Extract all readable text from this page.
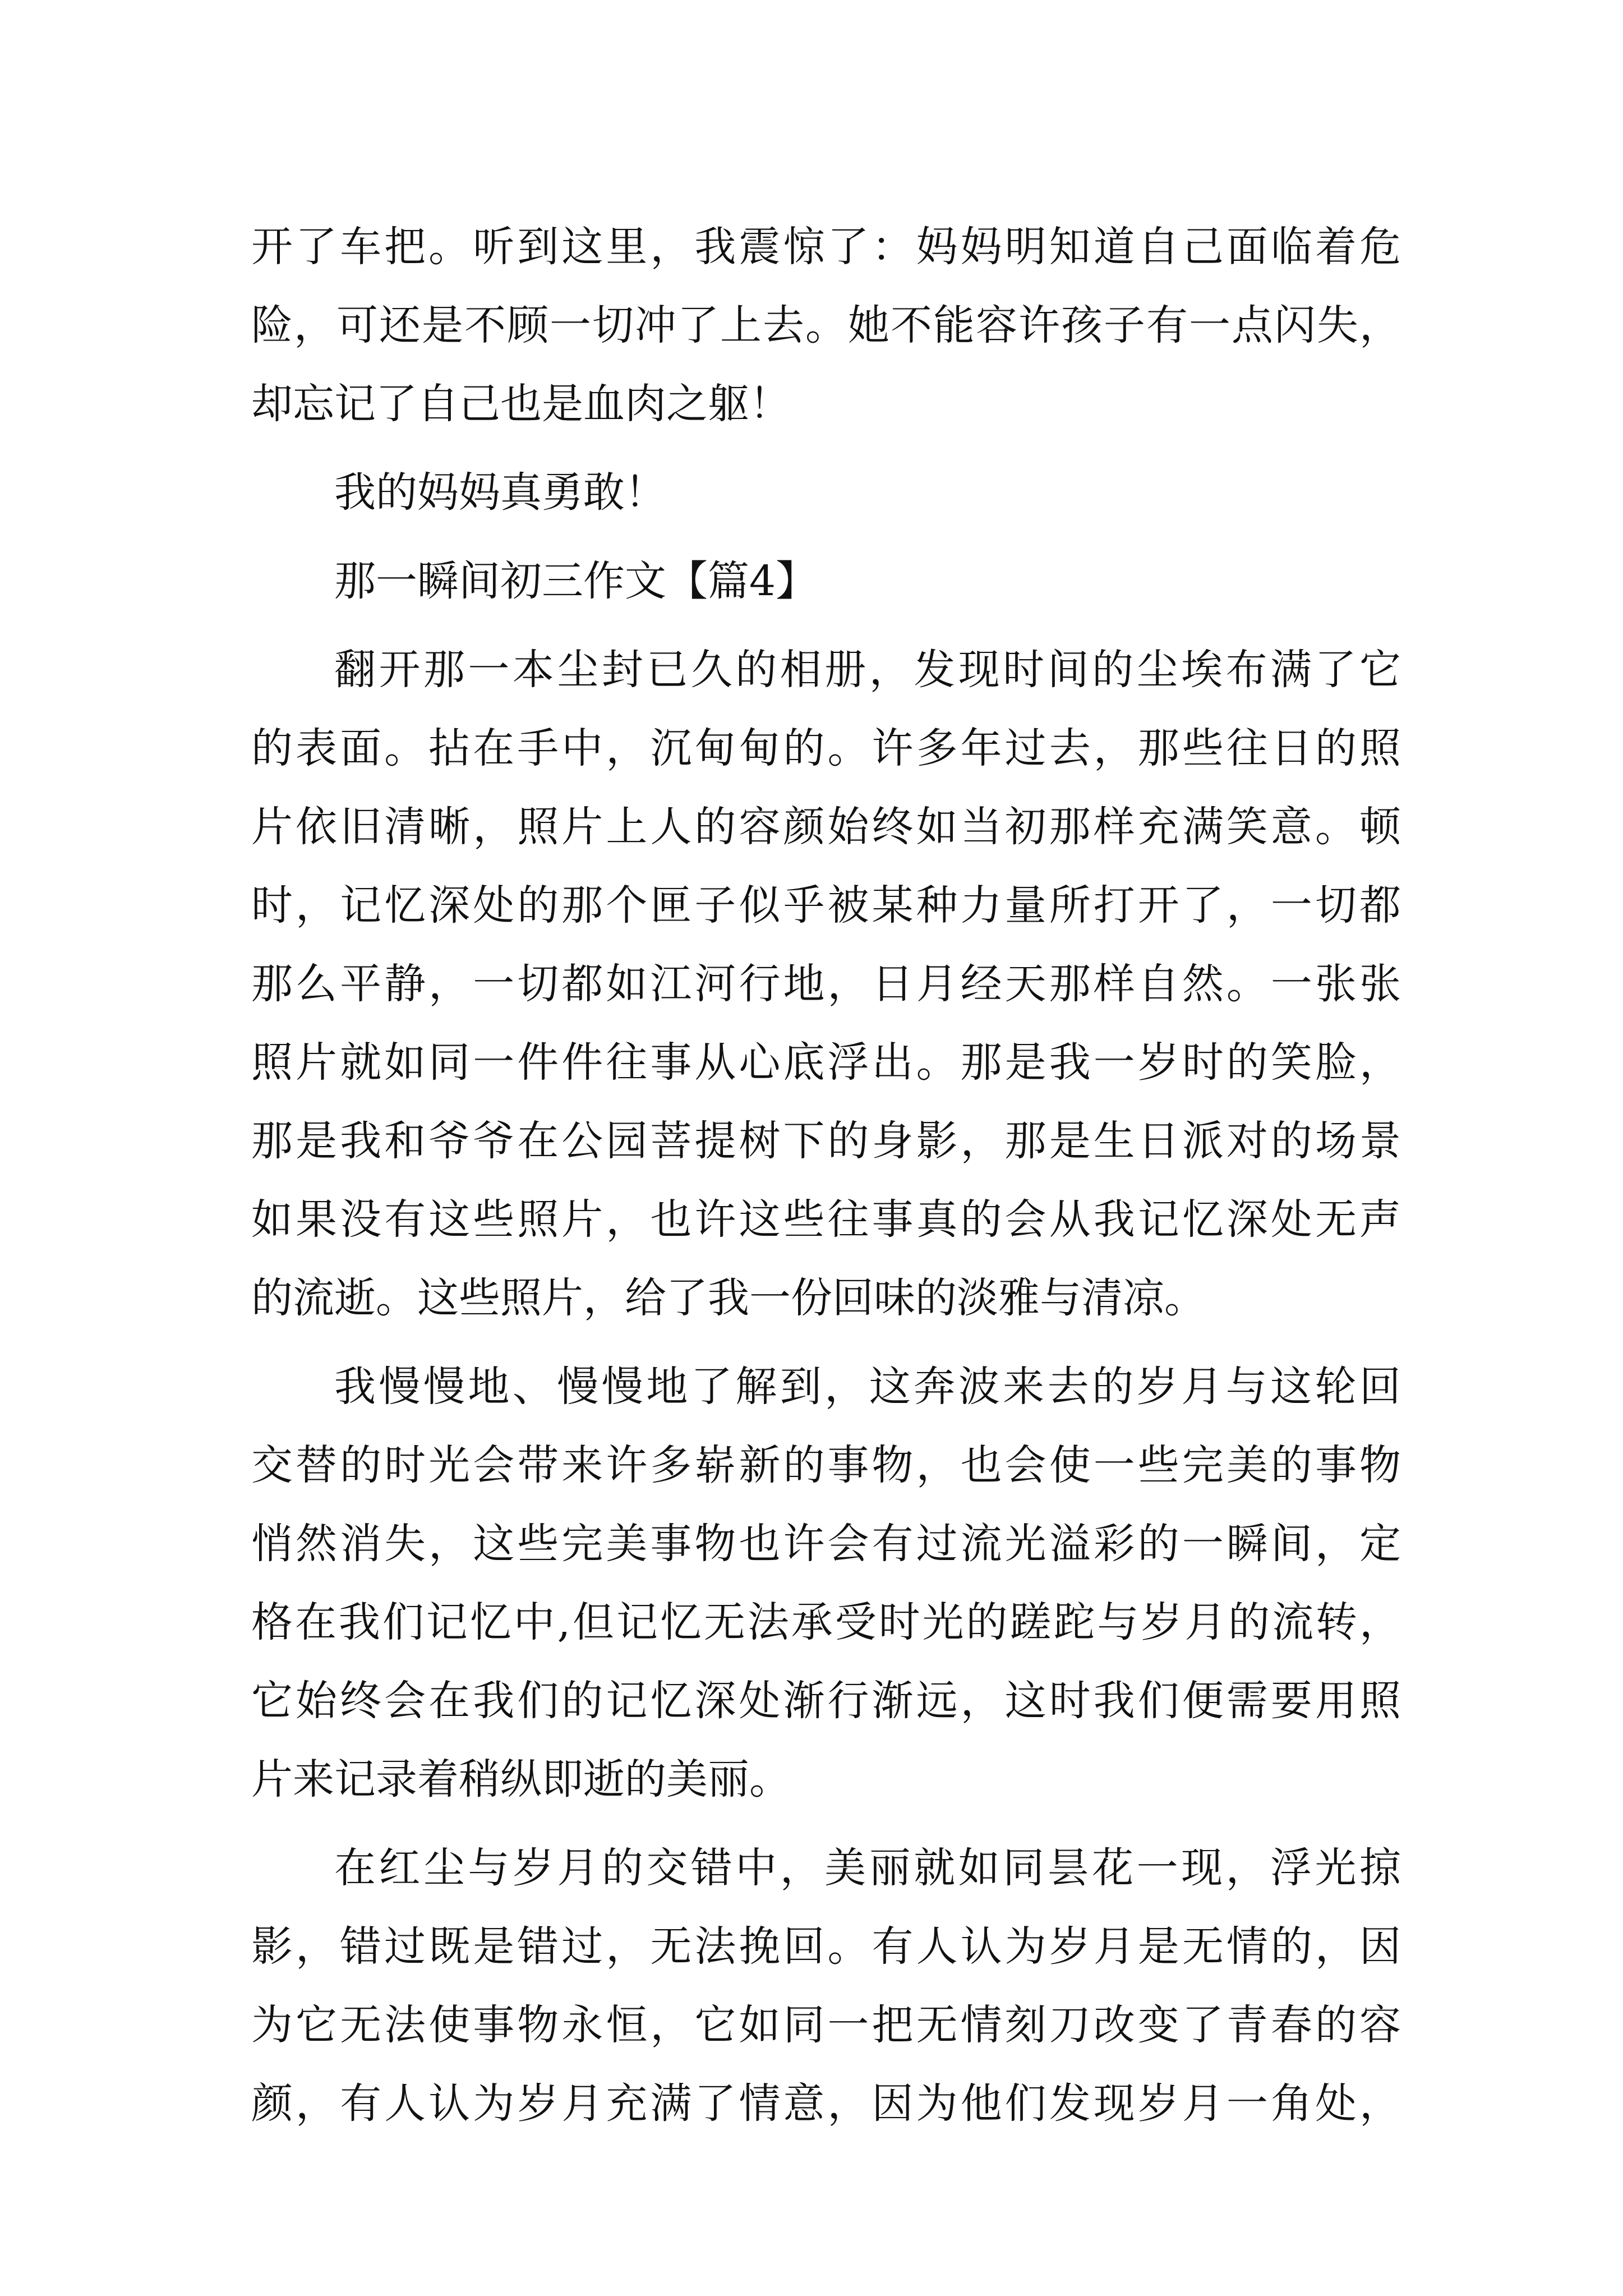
开了车把。听到这里，我震惊了：妈妈明知道自己面临着危
险，可还是不顾一切冲了上去。她不能容许孩子有一点闪失，
却忘记了自己也是血肉之躯！
我的妈妈真勇敢！
那一瞬间初三作文【篇4】
翻开那一本尘封已久的相册，发现时间的尘埃布满了它
的表面。拈在手中，沉甸甸的。许多年过去，那些往日的照
片依旧清晰，照片上人的容颜始终如当初那样充满笑意。顿
时，记忆深处的那个匣子似乎被某种力量所打开了，一切都
那么平静，一切都如江河行地，日月经天那样自然。一张张
照片就如同一件件往事从心底浮出。那是我一岁时的笑脸，
那是我和爷爷在公园菩提树下的身影，那是生日派对的场景
如果没有这些照片，也许这些往事真的会从我记忆深处无声
的流逝。这些照片，给了我一份回味的淡雅与清凉。
我慢慢地、慢慢地了解到，这奔波来去的岁月与这轮回
交替的时光会带来许多崭新的事物，也会使一些完美的事物
悄然消失，这些完美事物也许会有过流光溢彩的一瞬间，定
格在我们记忆中,但记忆无法承受时光的蹉跎与岁月的流转，
它始终会在我们的记忆深处渐行渐远，这时我们便需要用照
片来记录着稍纵即逝的美丽。
在红尘与岁月的交错中，美丽就如同昙花一现，浮光掠
影，错过既是错过，无法挽回。有人认为岁月是无情的，因
为它无法使事物永恒，它如同一把无情刻刀改变了青春的容
颜，有人认为岁月充满了情意，因为他们发现岁月一角处，
